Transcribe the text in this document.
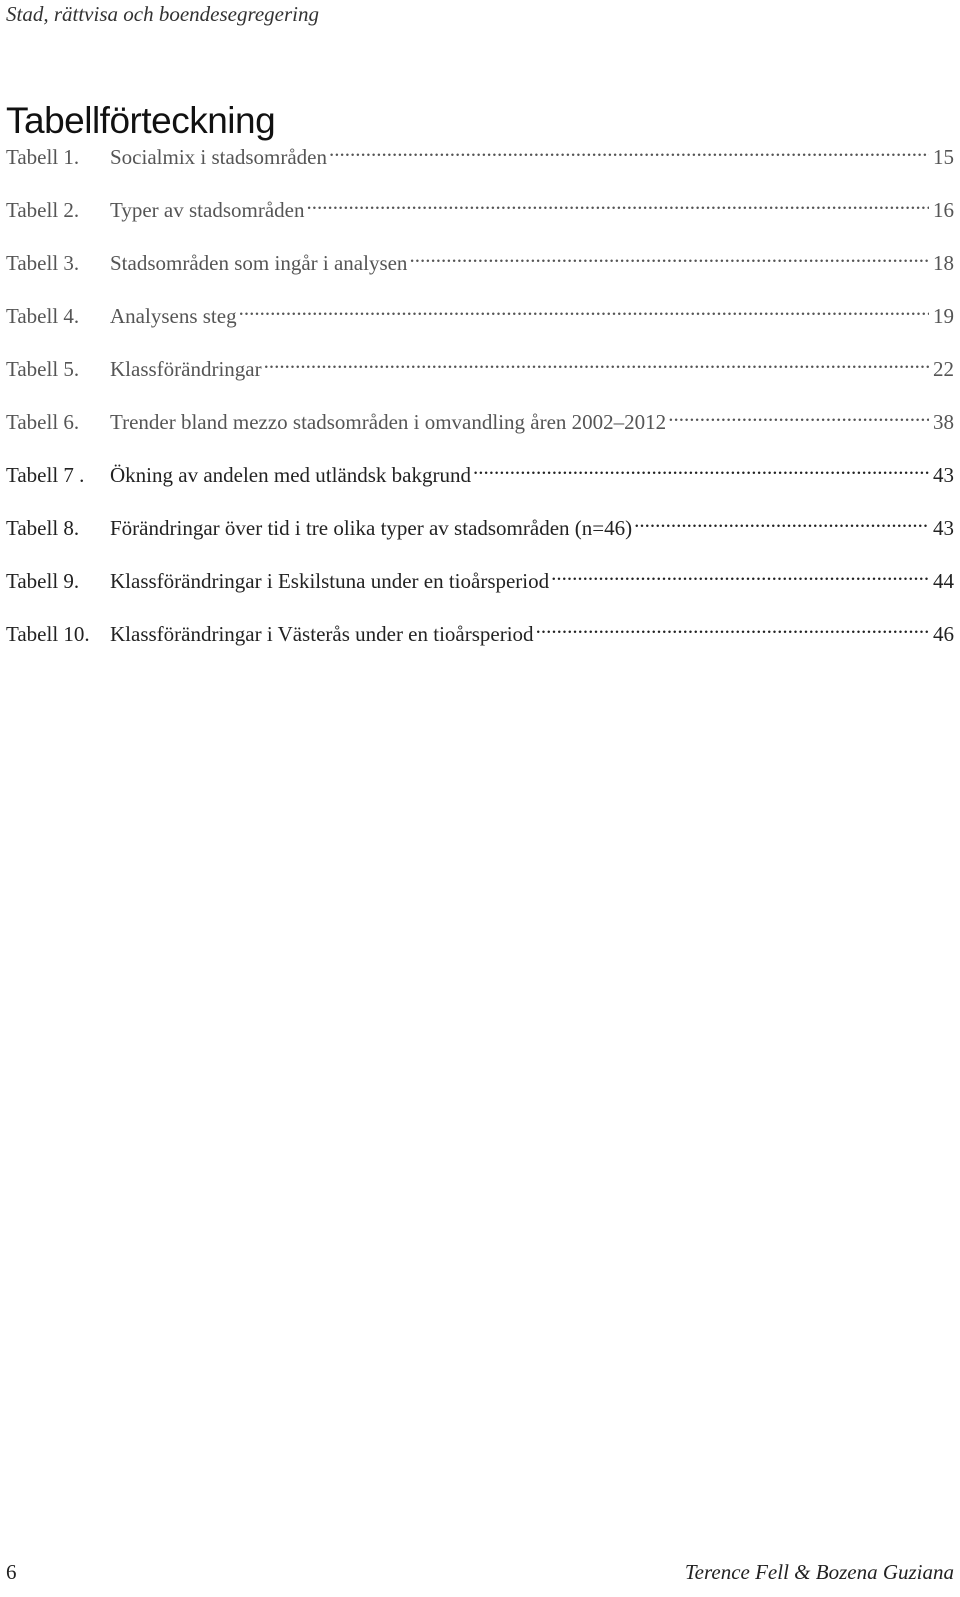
Stad, rättvisa och boendesegregering
Tabellförteckning
Tabell 1.	Socialmix i stadsområden .....	15
Tabell 2.	Typer av stadsområden .....	16
Tabell 3.	Stadsområden som ingår i analysen .....	18
Tabell 4.	Analysens steg .....	19
Tabell 5.	Klassförändringar .....	22
Tabell 6.	Trender bland mezzo stadsområden i omvandling åren 2002–2012 .....	38
Tabell 7 .	Ökning av andelen med utländsk bakgrund .....	43
Tabell 8.	Förändringar över tid i tre olika typer av stadsområden (n=46) .....	43
Tabell 9.	Klassförändringar i Eskilstuna under en tioårsperiod .....	44
Tabell 10. Klassförändringar i Västerås under en tioårsperiod .....	46
6	Terence Fell & Bozena Guziana
